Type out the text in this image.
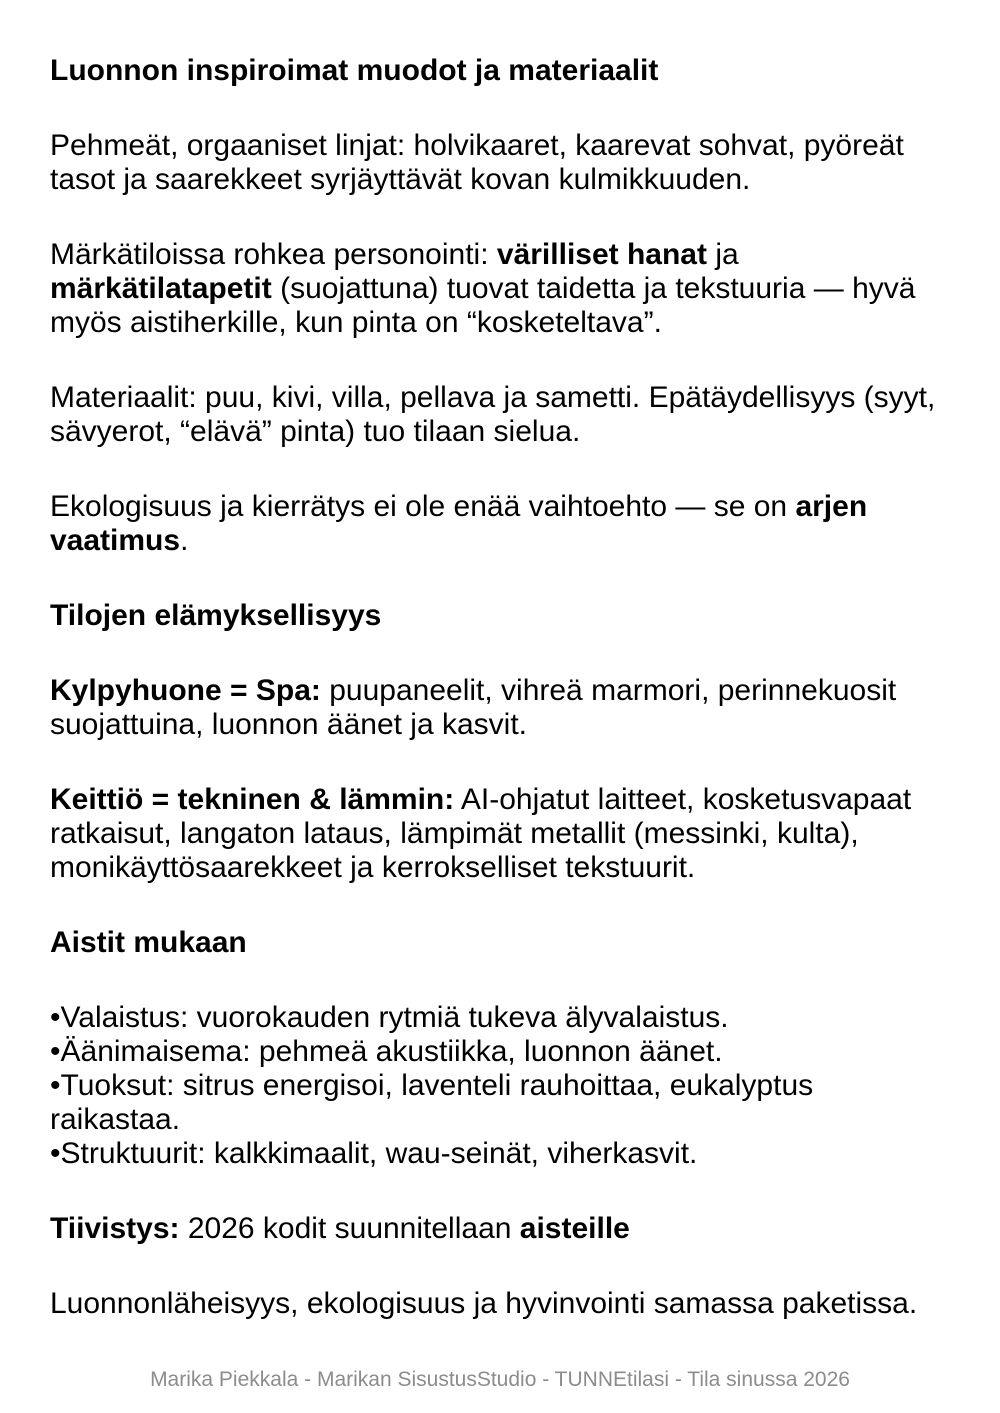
Luonnon inspiroimat muodot ja materiaalit
Pehmeät, orgaaniset linjat: holvikaaret, kaarevat sohvat, pyöreät tasot ja saarekkeet syrjäyttävät kovan kulmikkuuden.
Märkätiloissa rohkea personointi: värilliset hanat ja märkätilatapetit (suojattuna) tuovat taidetta ja tekstuuria — hyvä myös aistiherkille, kun pinta on “kosketeltava”.
Materiaalit: puu, kivi, villa, pellava ja sametti. Epätäydellisyys (syyt, sävyerot, “elävä” pinta) tuo tilaan sielua.
Ekologisuus ja kierrätys ei ole enää vaihtoehto — se on arjen vaatimus.
Tilojen elämyksellisyys
Kylpyhuone = Spa: puupaneelit, vihreä marmori, perinnekuosit suojattuina, luonnon äänet ja kasvit.
Keittiö = tekninen & lämmin: AI-ohjatut laitteet, kosketusvapaat ratkaisut, langaton lataus, lämpimät metallit (messinki, kulta), monikäyttösaarekkeet ja kerrokselliset tekstuurit.
Aistit mukaan
•Valaistus: vuorokauden rytmiä tukeva älyvalaistus.
•Äänimaisema: pehmeä akustiikka, luonnon äänet.
•Tuoksut: sitrus energisoi, laventeli rauhoittaa, eukalyptus raikastaa.
•Struktuurit: kalkkimaalit, wau-seinät, viherkasvit.
Tiivistys: 2026 kodit suunnitellaan aisteille
Luonnonläheisyys, ekologisuus ja hyvinvointi samassa paketissa.
Marika Piekkala - Marikan SisustusStudio - TUNNEtilasi - Tila sinussa 2026
